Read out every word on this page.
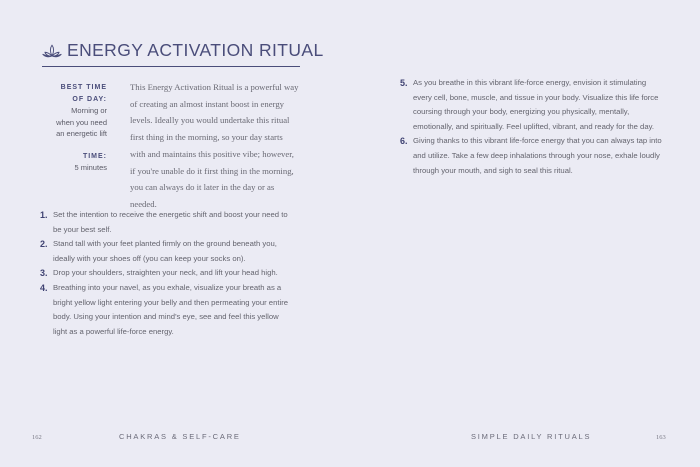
ENERGY ACTIVATION RITUAL
BEST TIME
OF DAY:
Morning or
when you need
an energetic lift
TIME:
5 minutes
This Energy Activation Ritual is a powerful way of creating an almost instant boost in energy levels. Ideally you would undertake this ritual first thing in the morning, so your day starts with and maintains this positive vibe; however, if you're unable do it first thing in the morning, you can always do it later in the day or as needed.
1. Set the intention to receive the energetic shift and boost your need to be your best self.
2. Stand tall with your feet planted firmly on the ground beneath you, ideally with your shoes off (you can keep your socks on).
3. Drop your shoulders, straighten your neck, and lift your head high.
4. Breathing into your navel, as you exhale, visualize your breath as a bright yellow light entering your belly and then permeating your entire body. Using your intention and mind's eye, see and feel this yellow light as a powerful life-force energy.
162	CHAKRAS & SELF-CARE	163
SIMPLE DAILY RITUALS
5. As you breathe in this vibrant life-force energy, envision it stimulating every cell, bone, muscle, and tissue in your body. Visualize this life force coursing through your body, energizing you physically, mentally, emotionally, and spiritually. Feel uplifted, vibrant, and ready for the day.
6. Giving thanks to this vibrant life-force energy that you can always tap into and utilize. Take a few deep inhalations through your nose, exhale loudly through your mouth, and sigh to seal this ritual.
